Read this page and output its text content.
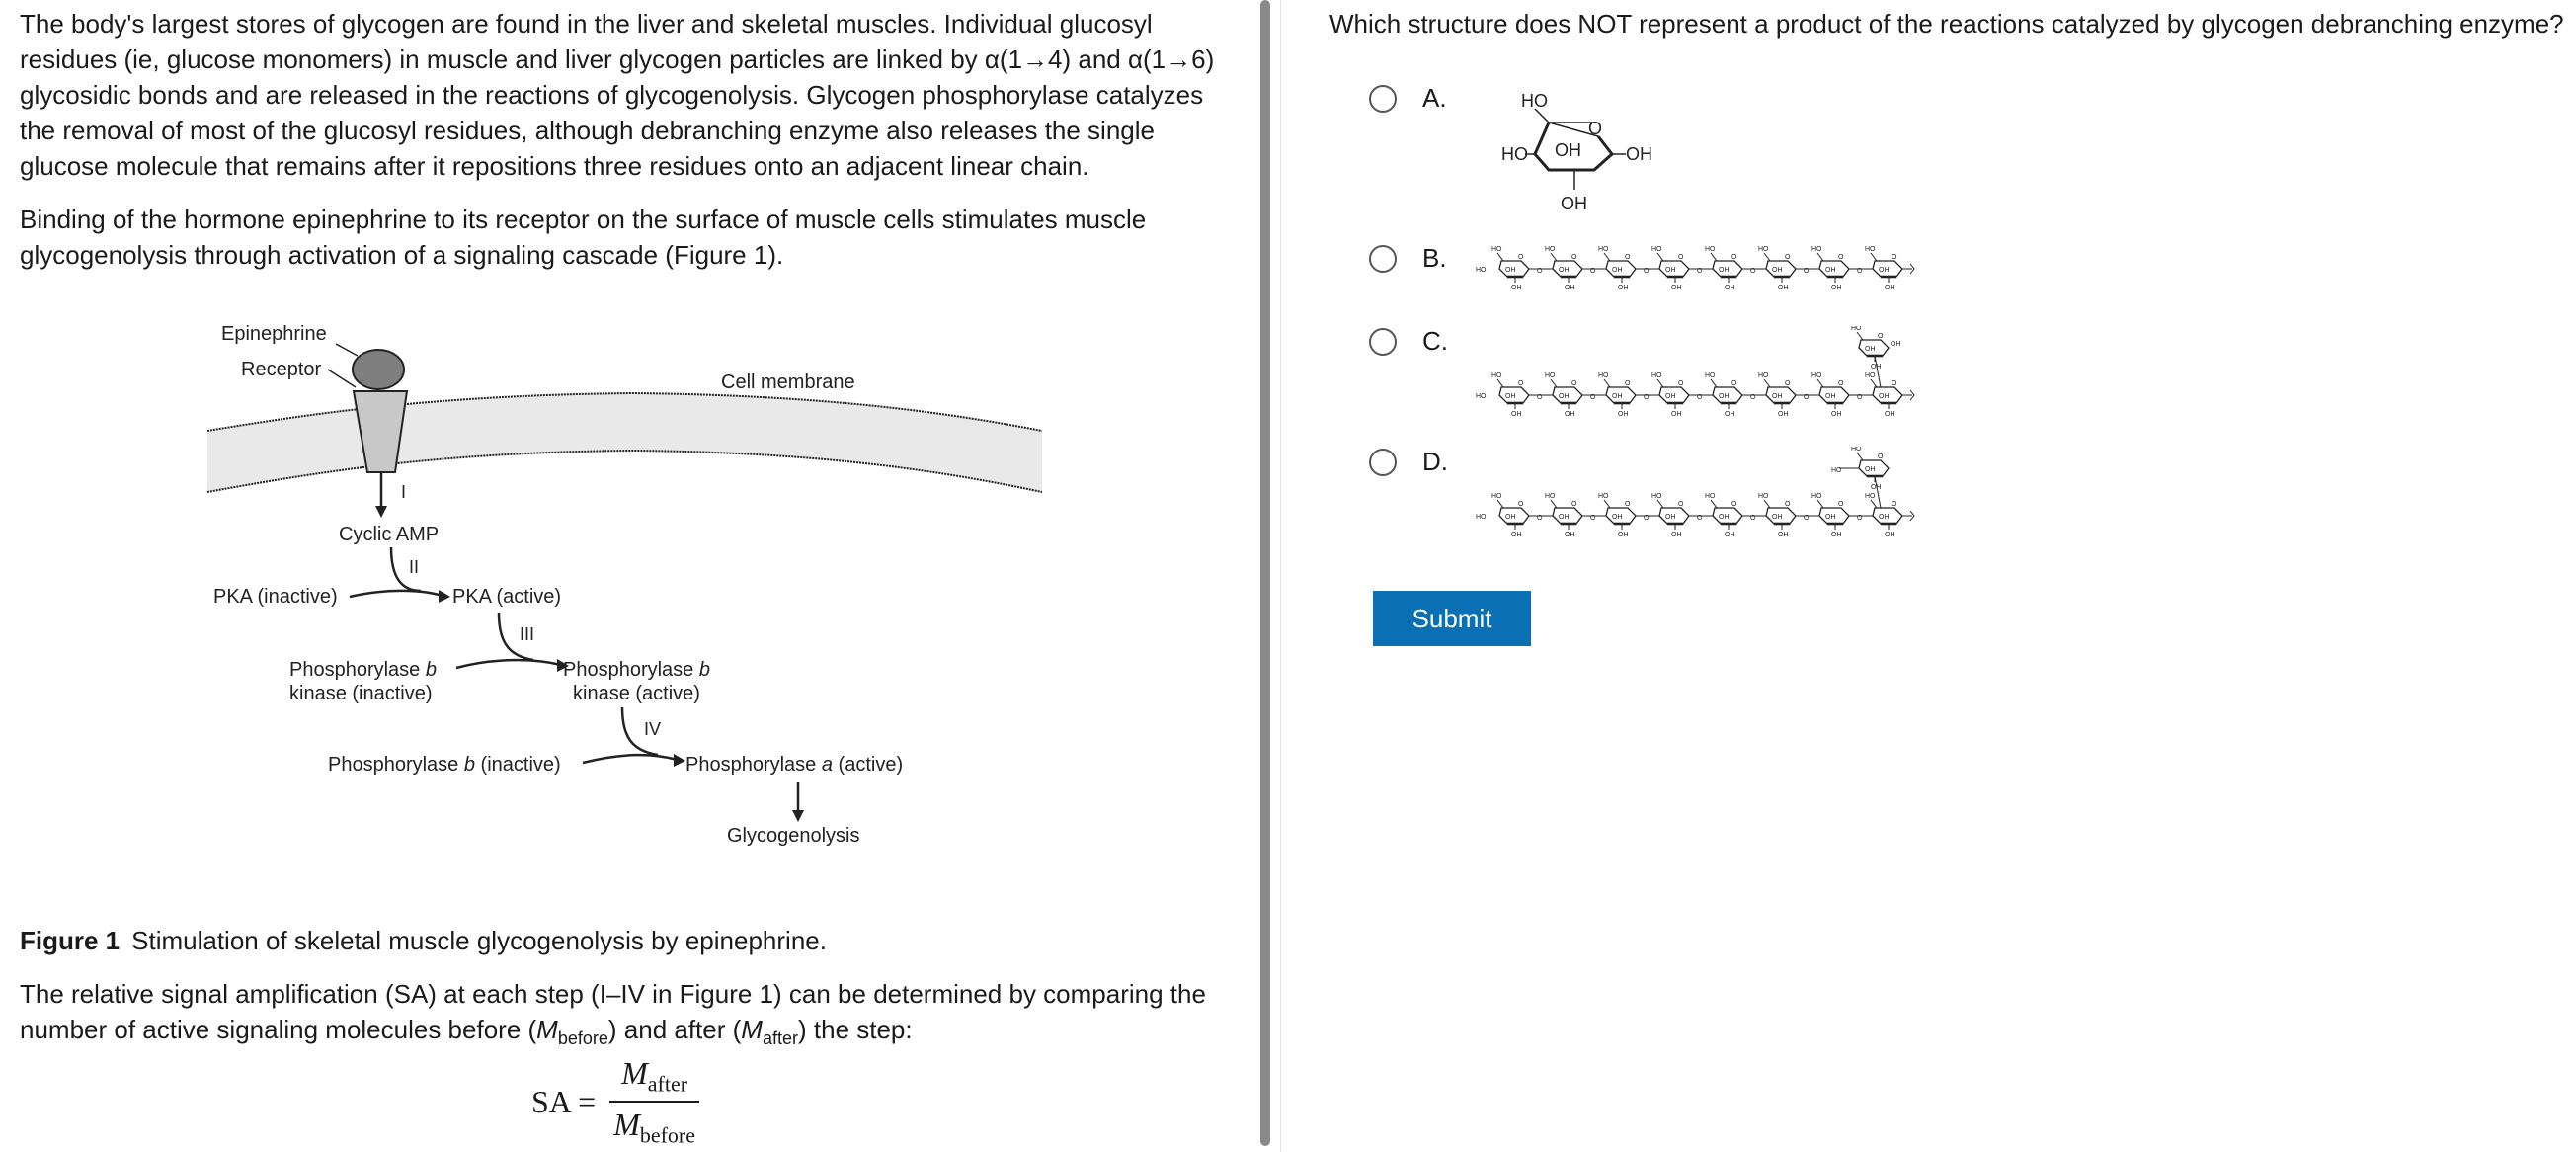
The body's largest stores of glycogen are found in the liver and skeletal muscles. Individual glucosyl residues (ie, glucose monomers) in muscle and liver glycogen particles are linked by α(1→4) and α(1→6) glycosidic bonds and are released in the reactions of glycogenolysis. Glycogen phosphorylase catalyzes the removal of most of the glucosyl residues, although debranching enzyme also releases the single glucose molecule that remains after it repositions three residues onto an adjacent linear chain.

Binding of the hormone epinephrine to its receptor on the surface of muscle cells stimulates muscle glycogenolysis through activation of a signaling cascade (Figure 1).

Cell membrane
Epinephrine
Receptor
I
Cyclic AMP
II
PKA (inactive)	PKA (active)
III
Phosphorylase b
kinase (inactive)
Phosphorylase b
kinase (active)
IV
Phosphorylase b (inactive)	Phosphorylase a (active)
Glycogenolysis

Figure 1 Stimulation of skeletal muscle glycogenolysis by epinephrine.

The relative signal amplification (SA) at each step (I–IV in Figure 1) can be determined by comparing the number of active signaling molecules before $(M_{before})$ and after $(M_{after})$ the step:

SA = $\frac{M_{after}}{M_{before}}$

Which structure does NOT represent a product of the reactions catalyzed by glycogen debranching enzyme?

A.	HO
O
OH
HO	OH
OH
B.	HO	OH
O
HO
OH
O OH
O
HO
OH
O OH
O
HO
OH
O OH
O
HO
OH
O OH
O
HO
OH
O OH
O
HO
OH
O OH
O
HO
OH
O OH
O
HO
OH
C.
HO	OH
O
HO
OH
O OH
O
HO
OH
O OH
O
HO
OH
O OH
O
HO
OH
O OH
O
HO
OH
O OH
O
HO
OH
O OH
O
HO
OH
O OH
O
HO
OH
OH
O
HO
OH
OH
D.
HO	OH
O
HO
OH
O OH
O
HO
OH
O OH
O
HO
OH
O OH
O
HO
OH
O OH
O
HO
OH
O OH
O
HO
OH
O OH
O
HO
OH
O OH
O
HO
OH
OH
O
HO
OH
HO
Submit
